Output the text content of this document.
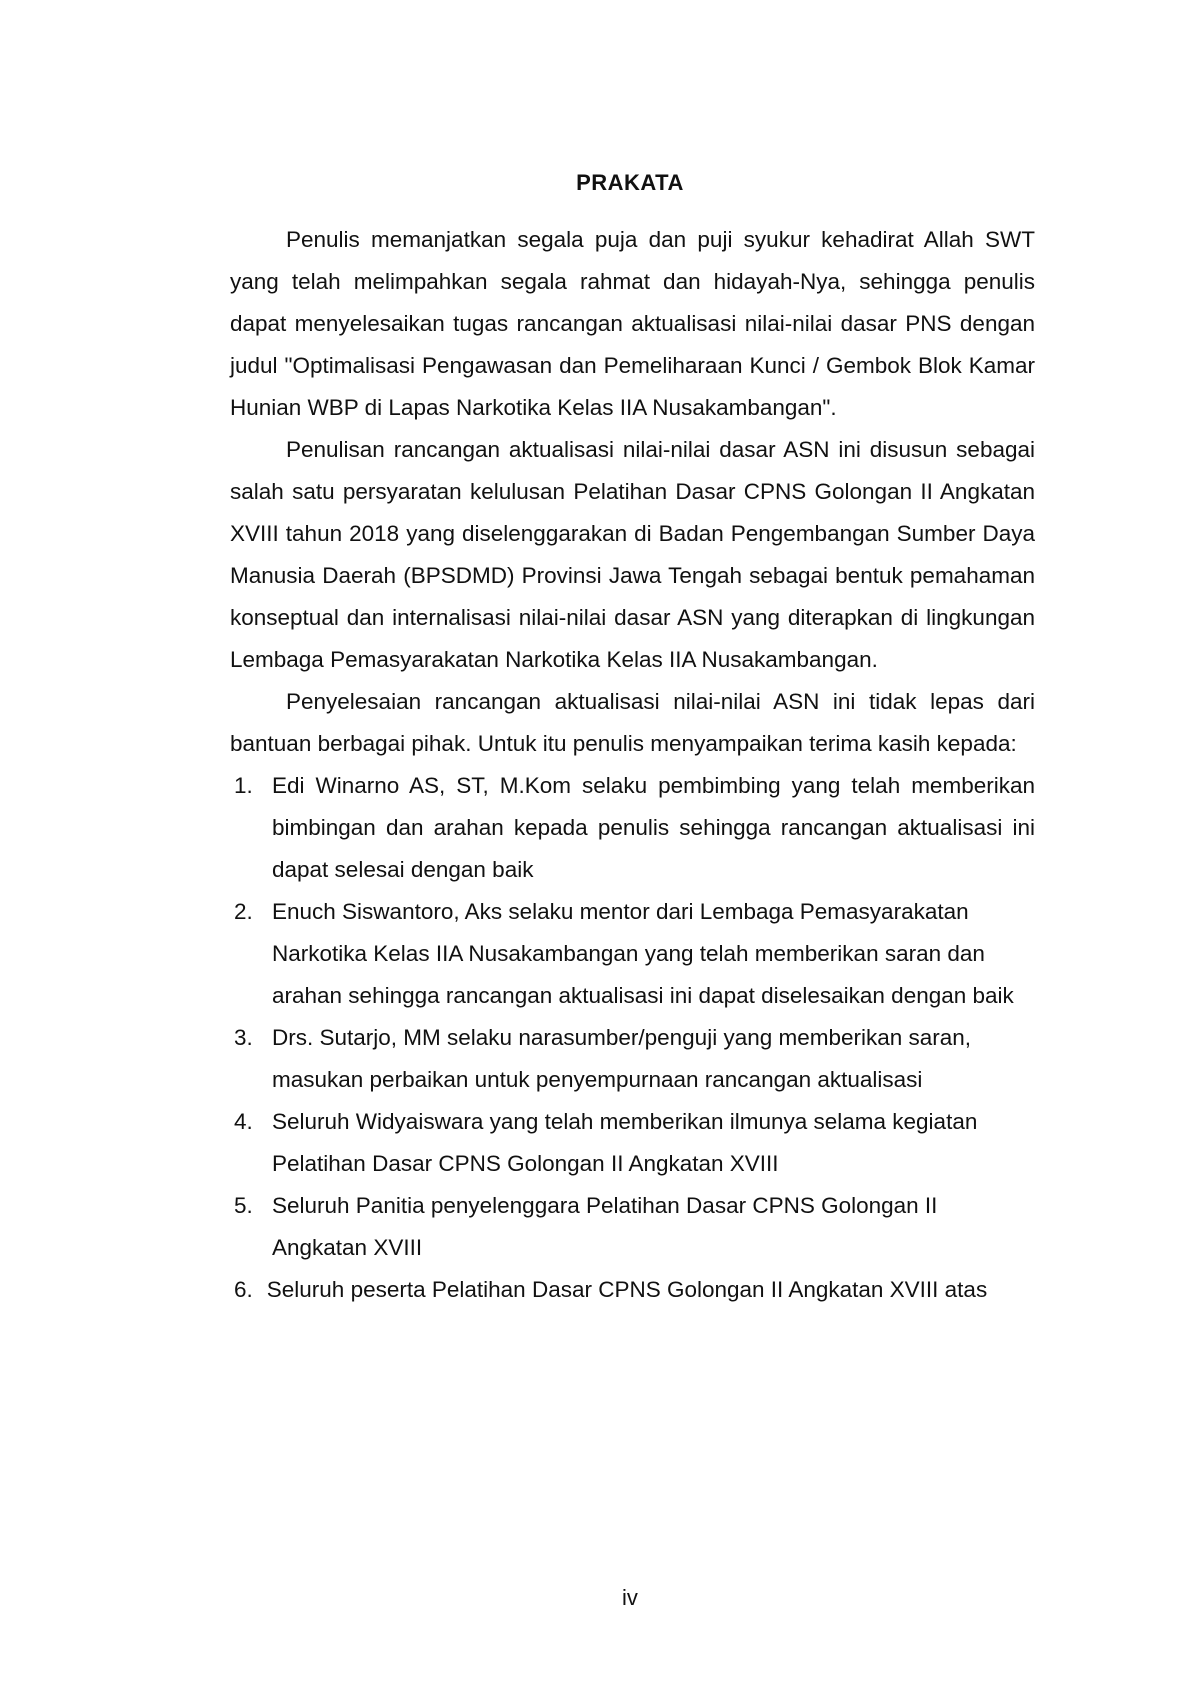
PRAKATA

Penulis memanjatkan segala puja dan puji syukur kehadirat Allah SWT yang telah melimpahkan segala rahmat dan hidayah-Nya, sehingga penulis dapat menyelesaikan tugas rancangan aktualisasi nilai-nilai dasar PNS dengan judul "Optimalisasi Pengawasan dan Pemeliharaan Kunci / Gembok Blok Kamar Hunian WBP di Lapas Narkotika Kelas IIA Nusakambangan".

Penulisan rancangan aktualisasi nilai-nilai dasar ASN ini disusun sebagai salah satu persyaratan kelulusan Pelatihan Dasar CPNS Golongan II Angkatan XVIII tahun 2018 yang diselenggarakan di Badan Pengembangan Sumber Daya Manusia Daerah (BPSDMD) Provinsi Jawa Tengah sebagai bentuk pemahaman konseptual dan internalisasi nilai-nilai dasar ASN yang diterapkan di lingkungan Lembaga Pemasyarakatan Narkotika Kelas IIA Nusakambangan.

Penyelesaian rancangan aktualisasi nilai-nilai ASN ini tidak lepas dari bantuan berbagai pihak. Untuk itu penulis menyampaikan terima kasih kepada:

1. Edi Winarno AS, ST, M.Kom selaku pembimbing yang telah memberikan bimbingan dan arahan kepada penulis sehingga rancangan aktualisasi ini dapat selesai dengan baik
2. Enuch Siswantoro, Aks selaku mentor dari Lembaga Pemasyarakatan Narkotika Kelas IIA Nusakambangan yang telah memberikan saran dan arahan sehingga rancangan aktualisasi ini dapat diselesaikan dengan baik
3. Drs. Sutarjo, MM selaku narasumber/penguji yang memberikan saran, masukan perbaikan untuk penyempurnaan rancangan aktualisasi
4. Seluruh Widyaiswara yang telah memberikan ilmunya selama kegiatan Pelatihan Dasar CPNS Golongan II Angkatan XVIII
5. Seluruh Panitia penyelenggara Pelatihan Dasar CPNS Golongan II Angkatan XVIII
6. Seluruh peserta Pelatihan Dasar CPNS Golongan II Angkatan XVIII atas

iv
